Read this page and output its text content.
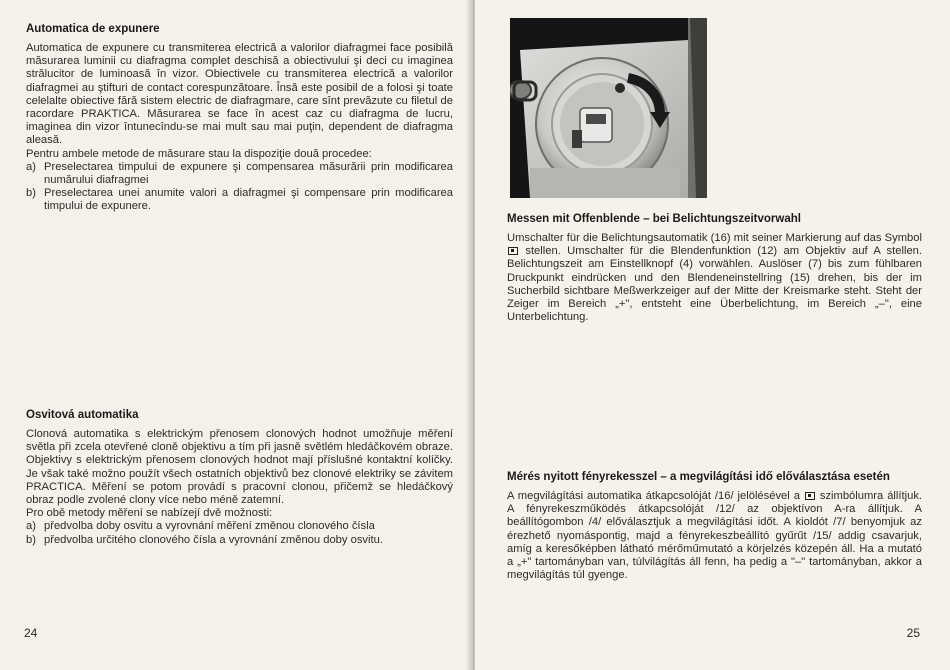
Automatica de expunere

Automatica de expunere cu transmiterea electrică a valorilor diafragmei face posibilă măsurarea luminii cu diafragma complet deschisă a obiectivului şi deci cu imaginea strălucitor de luminoasă în vizor. Obiectivele cu transmiterea electrică a valorilor diafragmei au ştifturi de contact corespunzătoare. Însă este posibil de a folosi şi toate celelalte obiective fără sistem electric de diafragmare, care sînt prevăzute cu filetul de racordare PRAKTICA. Măsurarea se face în acest caz cu diafragma de lucru, imaginea din vizor întunecîndu-se mai mult sau mai puţin, dependent de diafragma aleasă.

Pentru ambele metode de măsurare stau la dispoziţie două procedee:

a) Preselectarea timpului de expunere şi compensarea măsurării prin modificarea numărului diafragmei
b) Preselectarea unei anumite valori a diafragmei şi compensare prin modificarea timpului de expunere.
Osvitová automatika

Clonová automatika s elektrickým přenosem clonových hodnot umožňuje měření světla při zcela otevřené cloně objektivu a tím při jasně světlém hledáčkovém obraze. Objektivy s elektrickým přenosem clonových hodnot mají příslušné kontaktní kolíčky. Je však také možno použít všech ostatních objektivů bez clonové elektriky se závitem PRACTICA. Měření se potom provádí s pracovní clonou, přičemž se hledáčkový obraz podle zvolené clony více nebo méně zatemní.

Pro obě metody měření se nabízejí dvě možnosti:

a) předvolba doby osvitu a vyrovnání měření změnou clonového čísla
b) předvolba určitého clonového čísla a vyrovnání změnou doby osvitu.
24
Messen mit Offenblende – bei Belichtungszeitvorwahl

Umschalter für die Belichtungsautomatik (16) mit seiner Markierung auf das Symbol  stellen. Umschalter für die Blendenfunktion (12) am Objektiv auf A stellen. Belichtungszeit am Einstellknopf (4) vorwählen. Auslöser (7) bis zum fühlbaren Druckpunkt eindrücken und den Blendeneinstellring (15) drehen, bis der im Sucherbild sichtbare Meßwerkzeiger auf der Mitte der Kreismarke steht. Steht der Zeiger im Bereich „+", entsteht eine Überbelichtung, im Bereich „–", eine Unterbelichtung.

Mérés nyitott fényrekesszel – a megvilágítási idő előválasztása esetén

A megvilágítási automatika átkapcsolóját /16/ jelölésével a szimbólumra állítjuk. A fényrekeszműködés átkapcsolóját /12/ az objektívon A-ra állítjuk. A beállítógombon /4/ előválasztjuk a megvilágítási időt. A kioldót /7/ benyomjuk az érezhető nyomáspontig, majd a fényrekeszbeállító gyűrűt /15/ addig csavarjuk, amíg a keresőképben látható mérőműmutató a körjelzés közepén áll. Ha a mutató a „+" tartományban van, túlvilágítás áll fenn, ha pedig a "–" tartományban, akkor a megvilágítás túl gyenge.

25
